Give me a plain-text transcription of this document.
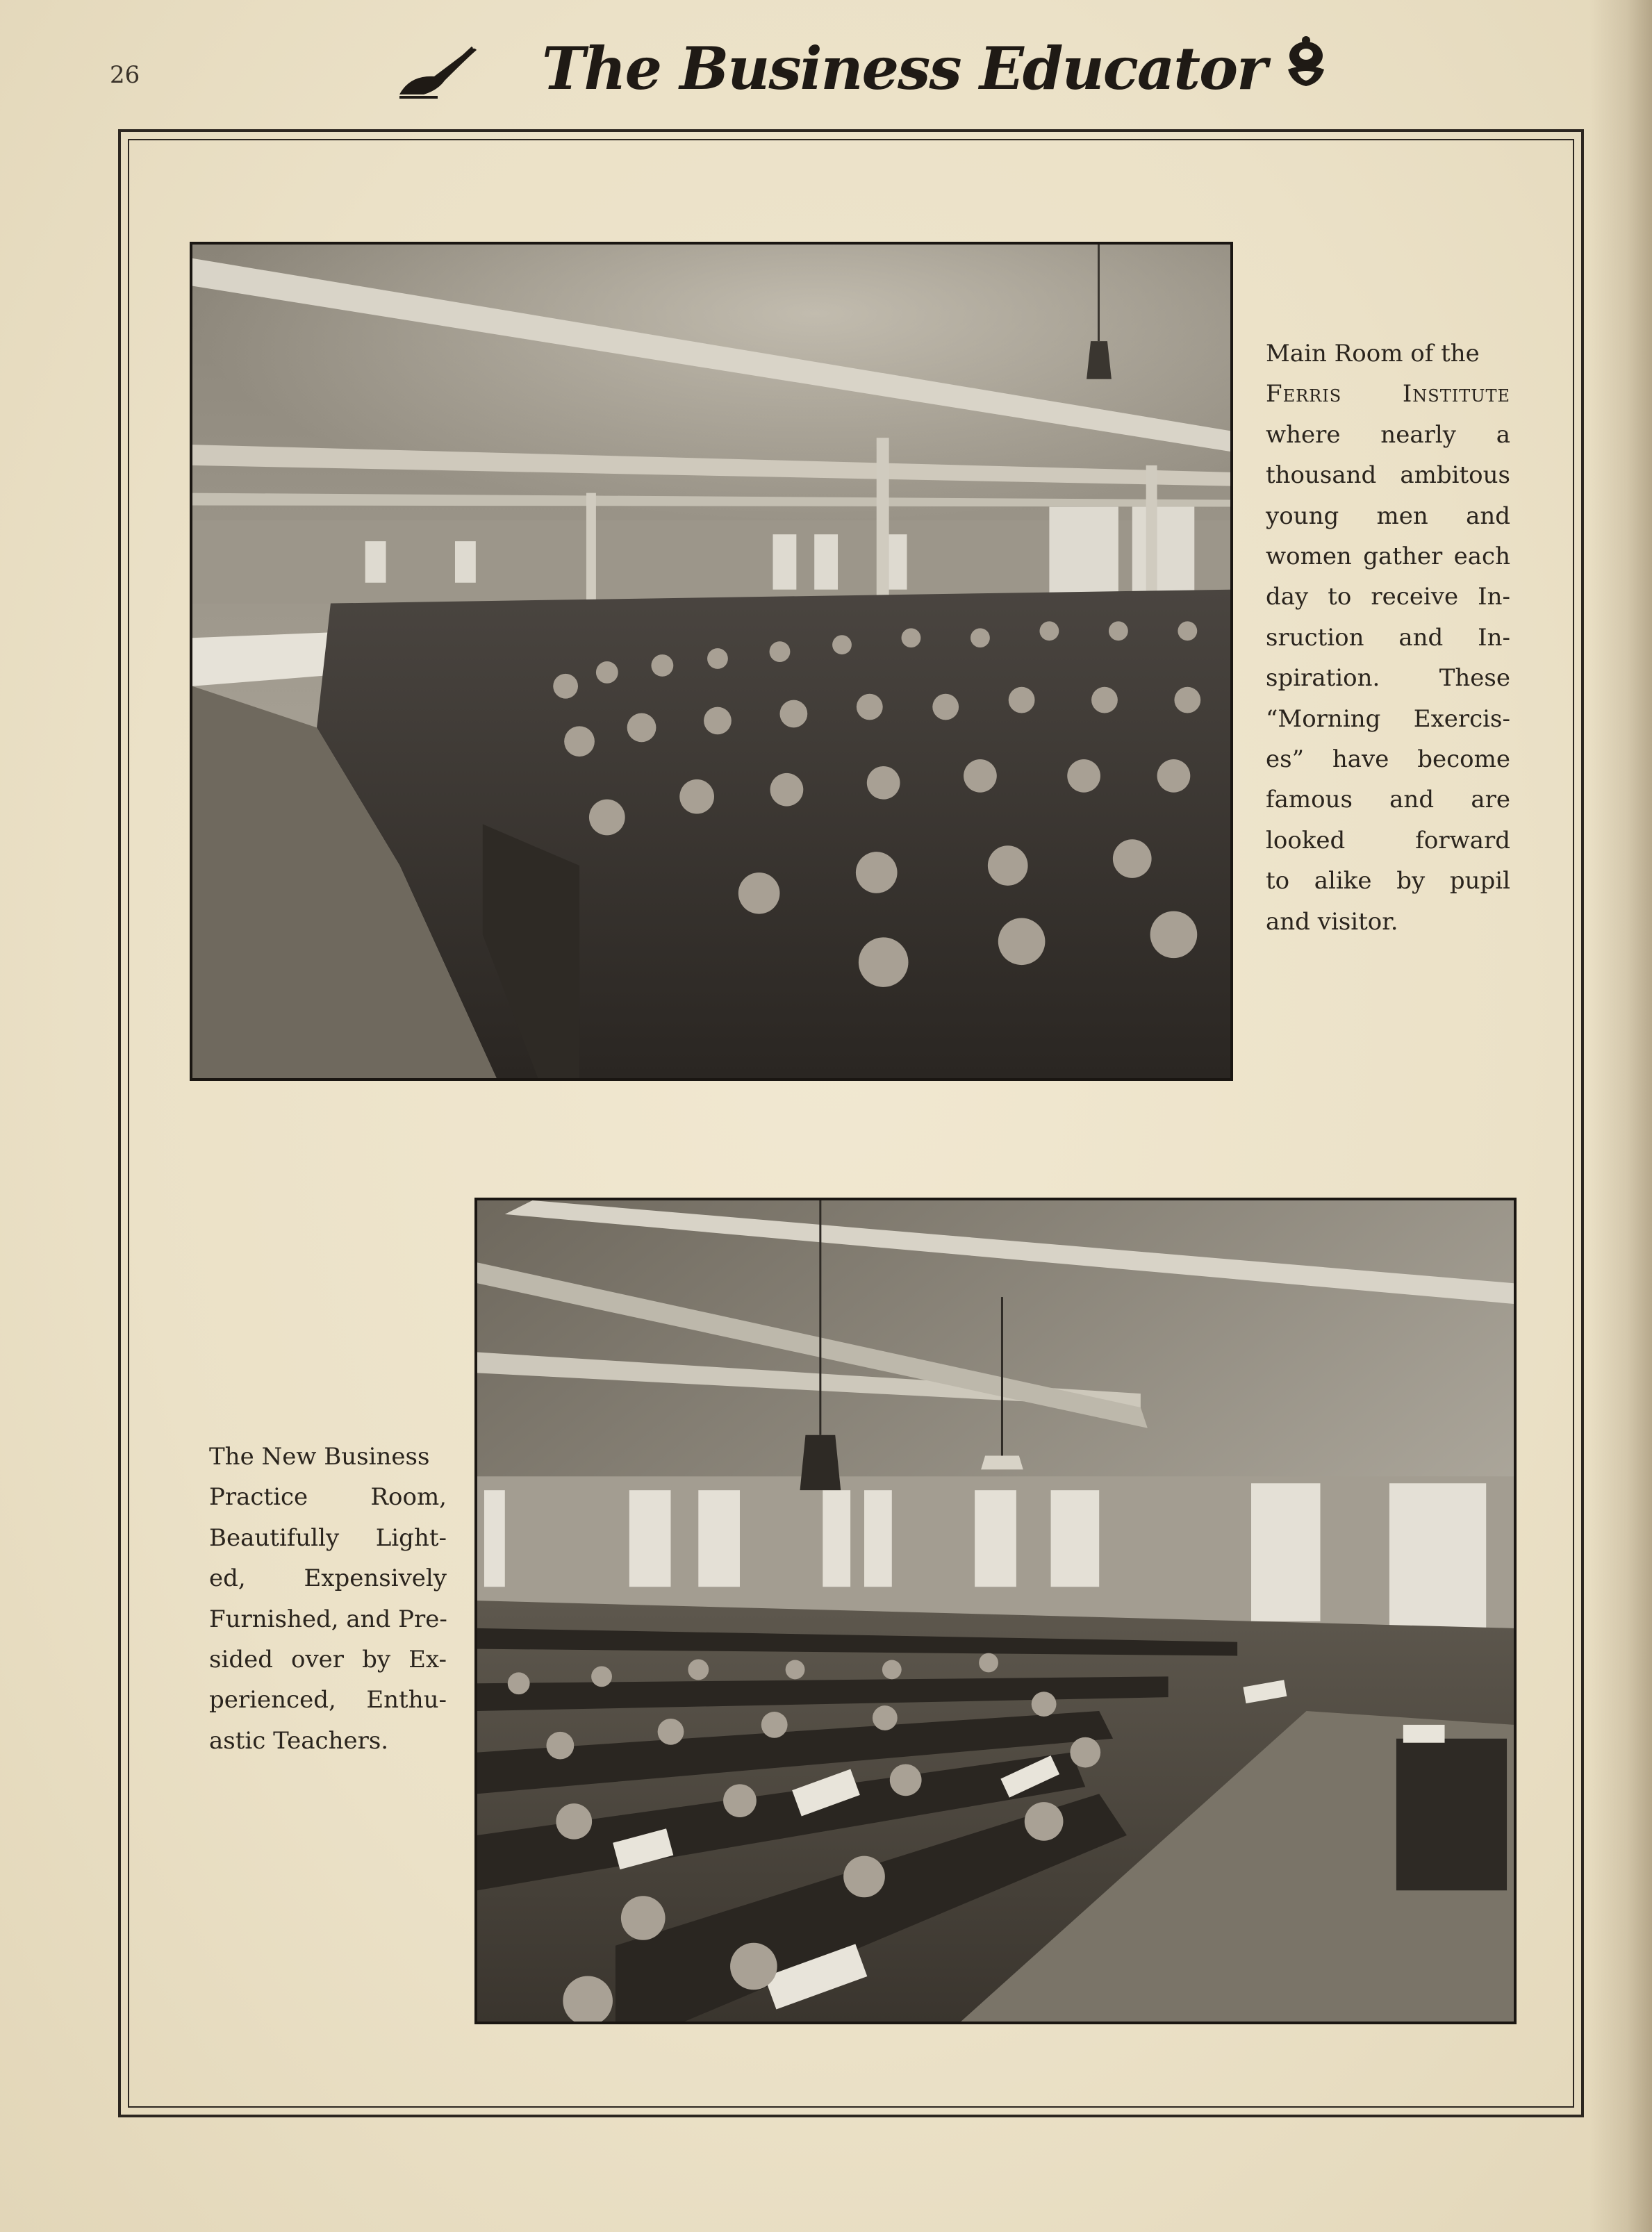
26	The Business Educator
Main Room of the
Ferris Institute
where nearly a
thousand ambitous
young men and
women gather each
day to receive In-
sruction and In-
spiration. These
“Morning Exercis-
es” have become
famous and are
looked forward
to alike by pupil
and visitor.
The New Business
Practice Room,
Beautifully Light-
ed, Expensively
Furnished, and Pre-
sided over by Ex-
perienced, Enthu-
astic Teachers.
